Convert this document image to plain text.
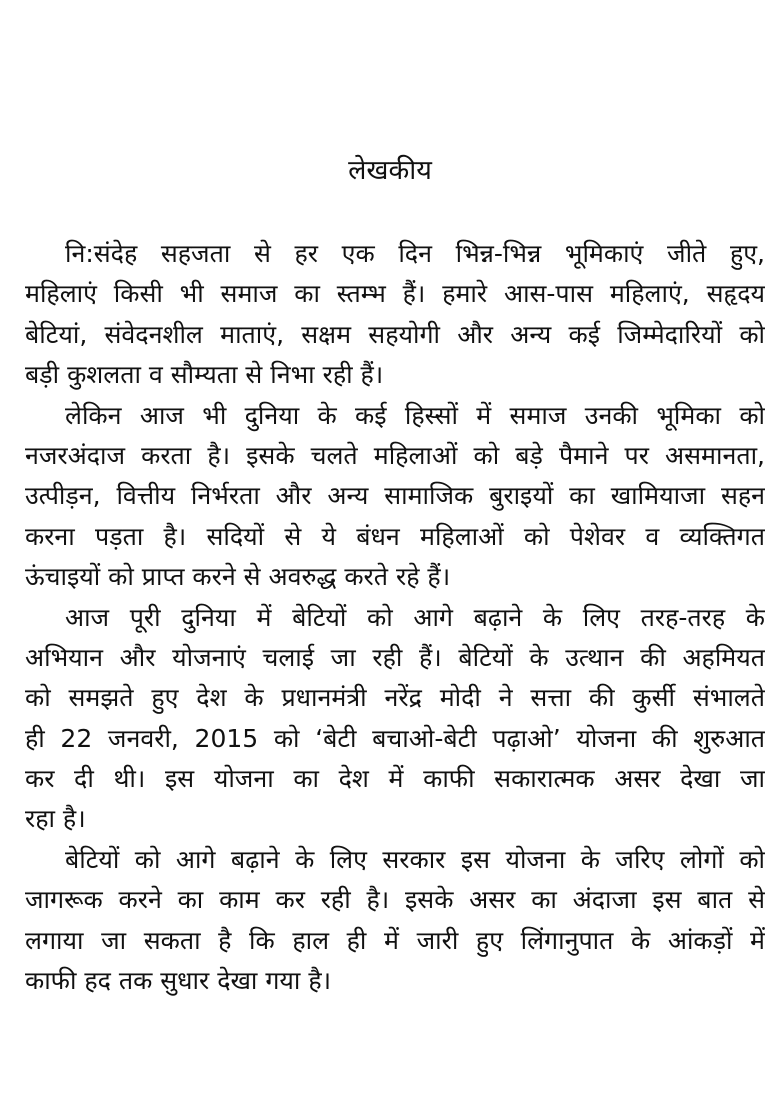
लेखकीय
नि:संदेह सहजता से हर एक दिन भिन्न-भिन्न भूमिकाएं जीते हुए,
महिलाएं किसी भी समाज का स्तम्भ हैं। हमारे आस-पास महिलाएं, सहृदय
बेटियां, संवेदनशील माताएं, सक्षम सहयोगी और अन्य कई जिम्मेदारियों को
बड़ी कुशलता व सौम्यता से निभा रही हैं।
लेकिन आज भी दुनिया के कई हिस्सों में समाज उनकी भूमिका को
नजरअंदाज करता है। इसके चलते महिलाओं को बड़े पैमाने पर असमानता,
उत्पीड़न, वित्तीय निर्भरता और अन्य सामाजिक बुराइयों का खामियाजा सहन
करना पड़ता है। सदियों से ये बंधन महिलाओं को पेशेवर व व्यक्तिगत
ऊंचाइयों को प्राप्त करने से अवरुद्ध करते रहे हैं।
आज पूरी दुनिया में बेटियों को आगे बढ़ाने के लिए तरह-तरह के
अभियान और योजनाएं चलाई जा रही हैं। बेटियों के उत्थान की अहमियत
को समझते हुए देश के प्रधानमंत्री नरेंद्र मोदी ने सत्ता की कुर्सी संभालते
ही 22 जनवरी, 2015 को ‘बेटी बचाओ-बेटी पढ़ाओ’ योजना की शुरुआत
कर दी थी। इस योजना का देश में काफी सकारात्मक असर देखा जा
रहा है।
बेटियों को आगे बढ़ाने के लिए सरकार इस योजना के जरिए लोगों को
जागरूक करने का काम कर रही है। इसके असर का अंदाजा इस बात से
लगाया जा सकता है कि हाल ही में जारी हुए लिंगानुपात के आंकड़ों में
काफी हद तक सुधार देखा गया है।
